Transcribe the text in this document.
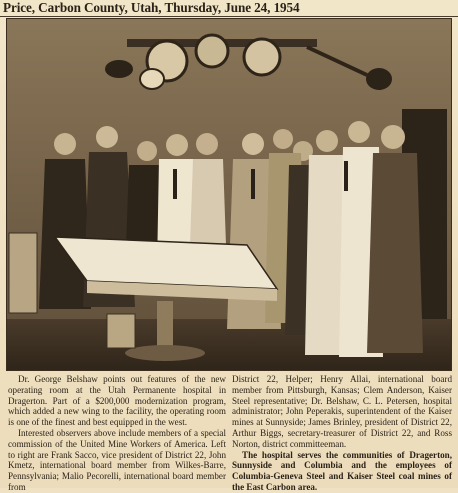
Price, Carbon County, Utah, Thursday, June 24, 1954

Dr. George Belshaw points out features of the new operating room at the Utah Permanente hospital in Dragerton. Part of a $200,000 modernization program, which added a new wing to the facility, the operating room is one of the finest and best equipped in the west.

Interested observers above include members of a special commission of the United Mine Workers of America. Left to right are Frank Sacco, vice president of District 22, John Kmetz, international board member from Wilkes-Barre, Pennsylvania; Malio Pecorelli, international board member from

District 22, Helper; Henry Allai, international board member from Pittsburgh, Kansas; Clem Anderson, Kaiser Steel representative; Dr. Belshaw, C. L. Petersen, hospital administrator; John Peperakis, superintendent of the Kaiser mines at Sunnyside; James Brinley, president of District 22, Arthur Biggs, secretary-treasurer of District 22, and Ross Norton, district committeeman.

The hospital serves the communities of Dragerton, Sunnyside and Columbia and the employees of Columbia-Geneva Steel and Kaiser Steel coal mines of the East Carbon area.
